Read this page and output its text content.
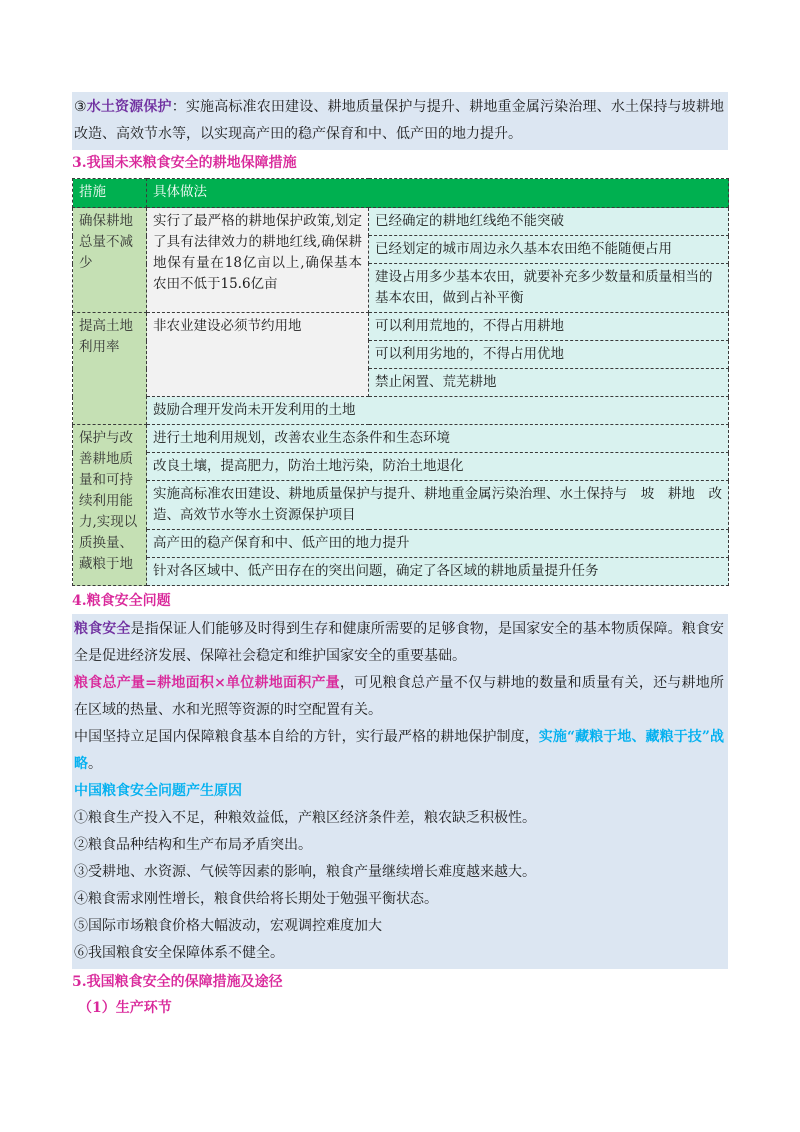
③水土资源保护：实施高标准农田建设、耕地质量保护与提升、耕地重金属污染治理、水土保持与坡耕地改造、高效节水等，以实现高产田的稳产保育和中、低产田的地力提升。

3.我国未来粮食安全的耕地保障措施

措施	具体做法	
确保耕地总量不减少	实行了最严格的耕地保护政策,划定了具有法律效力的耕地红线,确保耕地保有量在18亿亩以上,确保基本农田不低于15.6亿亩	已经确定的耕地红线绝不能突破
		已经划定的城市周边永久基本农田绝不能随便占用
		建设占用多少基本农田，就要补充多少数量和质量相当的基本农田，做到占补平衡
提高土地利用率	非农业建设必须节约用地	可以利用荒地的，不得占用耕地
		可以利用劣地的，不得占用优地
		禁止闲置、荒芜耕地
	鼓励合理开发尚未开发利用的土地	
保护与改善耕地质量和可持续利用能力,实现以质换量、藏粮于地	进行土地利用规划，改善农业生态条件和生态环境	
	改良土壤，提高肥力，防治土地污染，防治土地退化	
	实施高标准农田建设、耕地质量保护与提升、耕地重金属污染治理、水土保持与　坡　耕地　改造、高效节水等水土资源保护项目	
	高产田的稳产保育和中、低产田的地力提升	
	针对各区域中、低产田存在的突出问题，确定了各区域的耕地质量提升任务	

4.粮食安全问题

粮食安全是指保证人们能够及时得到生存和健康所需要的足够食物，是国家安全的基本物质保障。粮食安全是促进经济发展、保障社会稳定和维护国家安全的重要基础。

粮食总产量=耕地面积×单位耕地面积产量，可见粮食总产量不仅与耕地的数量和质量有关，还与耕地所在区域的热量、水和光照等资源的时空配置有关。

中国坚持立足国内保障粮食基本自给的方针，实行最严格的耕地保护制度，实施“藏粮于地、藏粮于技”战略。

中国粮食安全问题产生原因

①粮食生产投入不足，种粮效益低，产粮区经济条件差，粮农缺乏积极性。

②粮食品种结构和生产布局矛盾突出。

③受耕地、水资源、气候等因素的影响，粮食产量继续增长难度越来越大。

④粮食需求刚性增长，粮食供给将长期处于勉强平衡状态。

⑤国际市场粮食价格大幅波动，宏观调控难度加大

⑥我国粮食安全保障体系不健全。

5.我国粮食安全的保障措施及途径

（1）生产环节
